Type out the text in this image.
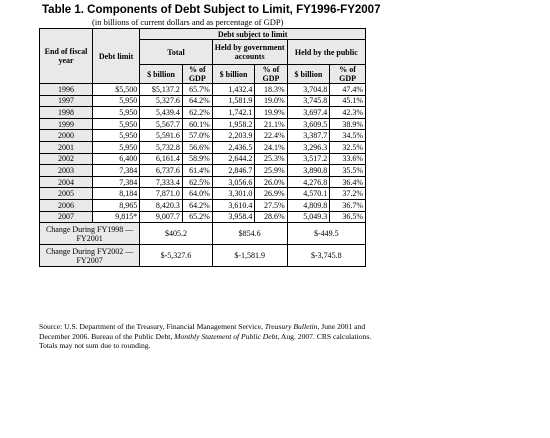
Table 1. Components of Debt Subject to Limit, FY1996-FY2007
(in billions of current dollars and as percentage of GDP)
End of fiscal year	Debt limit	Debt subject to limit					
		Total		Held by government accounts		Held by the public	
		$ billion	% of GDP	$ billion	% of GDP	$ billion	% of GDP
1996	$5,500	$5,137.2	65.7%	1,432.4	18.3%	3,704.8	47.4%
1997	5,950	5,327.6	64.2%	1,581.9	19.0%	3,745.8	45.1%
1998	5,950	5,439.4	62.2%	1,742.1	19.9%	3,697.4	42.3%
1999	5,950	5,567.7	60.1%	1,958.2	21.1%	3,609.5	38.9%
2000	5,950	5,591.6	57.0%	2,203.9	22.4%	3,387.7	34.5%
2001	5,950	5,732.8	56.6%	2,436.5	24.1%	3,296.3	32.5%
2002	6,400	6,161.4	58.9%	2,644.2	25.3%	3,517.2	33.6%
2003	7,384	6,737.6	61.4%	2,846.7	25.9%	3,890.8	35.5%
2004	7,384	7,333.4	62.5%	3,056.6	26.0%	4,276.8	36.4%
2005	8,184	7,871.0	64.0%	3,301.0	26.9%	4,570.1	37.2%
2006	8,965	8,420.3	64.2%	3,610.4	27.5%	4,809.8	36.7%
2007	9,815*	9,007.7	65.2%	3,958.4	28.6%	5,049.3	36.5%
Change During FY1998 — FY2001		$405.2		$854.6		$-449.5	
Change During FY2002 — FY2007		$-5,327.6		$-1,581.9		$-3,745.8	
Source: U.S. Department of the Treasury, Financial Management Service, Treasury Bulletin, June 2001 and December 2006. Bureau of the Public Debt, Monthly Statement of Public Debt, Aug. 2007. CRS calculations. Totals may not sum due to rounding.
